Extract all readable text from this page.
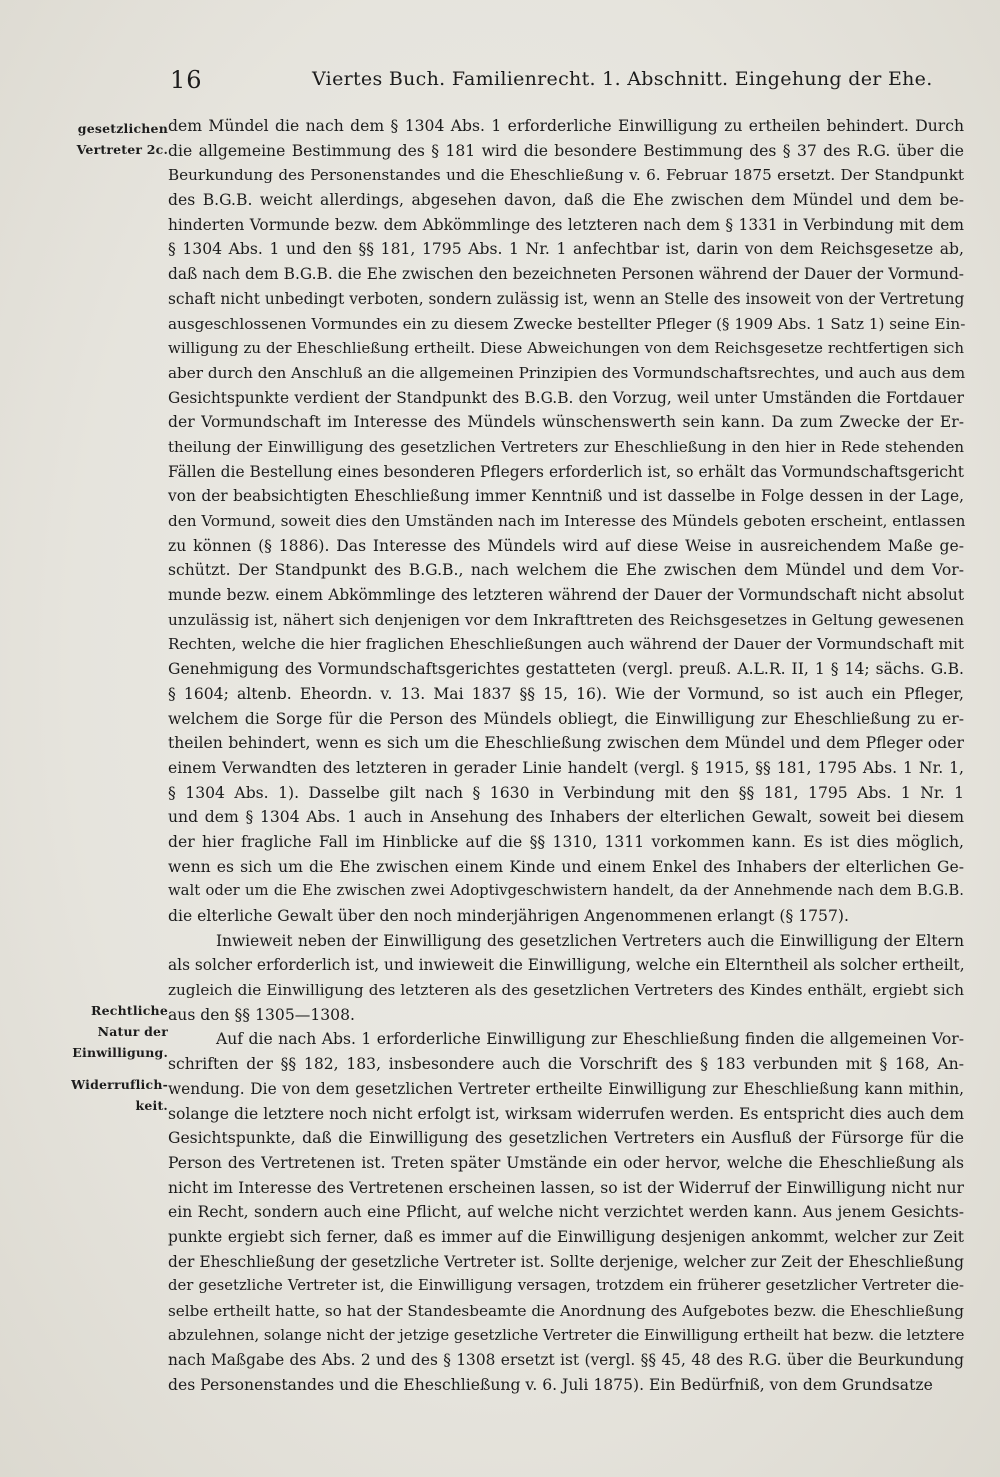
16	Viertes Buch. Familienrecht. 1. Abschnitt. Eingehung der Ehe.
gesetzlichen
Vertreter 2c.
Rechtliche
Natur der
Einwilligung.
Widerruflich-
keit.
dem Mündel die nach dem § 1304 Abs. 1 erforderliche Einwilligung zu ertheilen behindert. Durch
die allgemeine Bestimmung des § 181 wird die besondere Bestimmung des § 37 des R.G. über die
Beurkundung des Personenstandes und die Eheschließung v. 6. Februar 1875 ersetzt. Der Standpunkt
des B.G.B. weicht allerdings, abgesehen davon, daß die Ehe zwischen dem Mündel und dem be-
hinderten Vormunde bezw. dem Abkömmlinge des letzteren nach dem § 1331 in Verbindung mit dem
§ 1304 Abs. 1 und den §§ 181, 1795 Abs. 1 Nr. 1 anfechtbar ist, darin von dem Reichsgesetze ab,
daß nach dem B.G.B. die Ehe zwischen den bezeichneten Personen während der Dauer der Vormund-
schaft nicht unbedingt verboten, sondern zulässig ist, wenn an Stelle des insoweit von der Vertretung
ausgeschlossenen Vormundes ein zu diesem Zwecke bestellter Pfleger (§ 1909 Abs. 1 Satz 1) seine Ein-
willigung zu der Eheschließung ertheilt. Diese Abweichungen von dem Reichsgesetze rechtfertigen sich
aber durch den Anschluß an die allgemeinen Prinzipien des Vormundschaftsrechtes, und auch aus dem
Gesichtspunkte verdient der Standpunkt des B.G.B. den Vorzug, weil unter Umständen die Fortdauer
der Vormundschaft im Interesse des Mündels wünschenswerth sein kann. Da zum Zwecke der Er-
theilung der Einwilligung des gesetzlichen Vertreters zur Eheschließung in den hier in Rede stehenden
Fällen die Bestellung eines besonderen Pflegers erforderlich ist, so erhält das Vormundschaftsgericht
von der beabsichtigten Eheschließung immer Kenntniß und ist dasselbe in Folge dessen in der Lage,
den Vormund, soweit dies den Umständen nach im Interesse des Mündels geboten erscheint, entlassen
zu können (§ 1886). Das Interesse des Mündels wird auf diese Weise in ausreichendem Maße ge-
schützt. Der Standpunkt des B.G.B., nach welchem die Ehe zwischen dem Mündel und dem Vor-
munde bezw. einem Abkömmlinge des letzteren während der Dauer der Vormundschaft nicht absolut
unzulässig ist, nähert sich denjenigen vor dem Inkrafttreten des Reichsgesetzes in Geltung gewesenen
Rechten, welche die hier fraglichen Eheschließungen auch während der Dauer der Vormundschaft mit
Genehmigung des Vormundschaftsgerichtes gestatteten (vergl. preuß. A.L.R. II, 1 § 14; sächs. G.B.
§ 1604; altenb. Eheordn. v. 13. Mai 1837 §§ 15, 16). Wie der Vormund, so ist auch ein Pfleger,
welchem die Sorge für die Person des Mündels obliegt, die Einwilligung zur Eheschließung zu er-
theilen behindert, wenn es sich um die Eheschließung zwischen dem Mündel und dem Pfleger oder
einem Verwandten des letzteren in gerader Linie handelt (vergl. § 1915, §§ 181, 1795 Abs. 1 Nr. 1,
§ 1304 Abs. 1). Dasselbe gilt nach § 1630 in Verbindung mit den §§ 181, 1795 Abs. 1 Nr. 1
und dem § 1304 Abs. 1 auch in Ansehung des Inhabers der elterlichen Gewalt, soweit bei diesem
der hier fragliche Fall im Hinblicke auf die §§ 1310, 1311 vorkommen kann. Es ist dies möglich,
wenn es sich um die Ehe zwischen einem Kinde und einem Enkel des Inhabers der elterlichen Ge-
walt oder um die Ehe zwischen zwei Adoptivgeschwistern handelt, da der Annehmende nach dem B.G.B.
die elterliche Gewalt über den noch minderjährigen Angenommenen erlangt (§ 1757).
Inwieweit neben der Einwilligung des gesetzlichen Vertreters auch die Einwilligung der Eltern
als solcher erforderlich ist, und inwieweit die Einwilligung, welche ein Elterntheil als solcher ertheilt,
zugleich die Einwilligung des letzteren als des gesetzlichen Vertreters des Kindes enthält, ergiebt sich
aus den §§ 1305—1308.
Auf die nach Abs. 1 erforderliche Einwilligung zur Eheschließung finden die allgemeinen Vor-
schriften der §§ 182, 183, insbesondere auch die Vorschrift des § 183 verbunden mit § 168, An-
wendung. Die von dem gesetzlichen Vertreter ertheilte Einwilligung zur Eheschließung kann mithin,
solange die letztere noch nicht erfolgt ist, wirksam widerrufen werden. Es entspricht dies auch dem
Gesichtspunkte, daß die Einwilligung des gesetzlichen Vertreters ein Ausfluß der Fürsorge für die
Person des Vertretenen ist. Treten später Umstände ein oder hervor, welche die Eheschließung als
nicht im Interesse des Vertretenen erscheinen lassen, so ist der Widerruf der Einwilligung nicht nur
ein Recht, sondern auch eine Pflicht, auf welche nicht verzichtet werden kann. Aus jenem Gesichts-
punkte ergiebt sich ferner, daß es immer auf die Einwilligung desjenigen ankommt, welcher zur Zeit
der Eheschließung der gesetzliche Vertreter ist. Sollte derjenige, welcher zur Zeit der Eheschließung
der gesetzliche Vertreter ist, die Einwilligung versagen, trotzdem ein früherer gesetzlicher Vertreter die-
selbe ertheilt hatte, so hat der Standesbeamte die Anordnung des Aufgebotes bezw. die Eheschließung
abzulehnen, solange nicht der jetzige gesetzliche Vertreter die Einwilligung ertheilt hat bezw. die letztere
nach Maßgabe des Abs. 2 und des § 1308 ersetzt ist (vergl. §§ 45, 48 des R.G. über die Beurkundung
des Personenstandes und die Eheschließung v. 6. Juli 1875). Ein Bedürfniß, von dem Grundsatze
